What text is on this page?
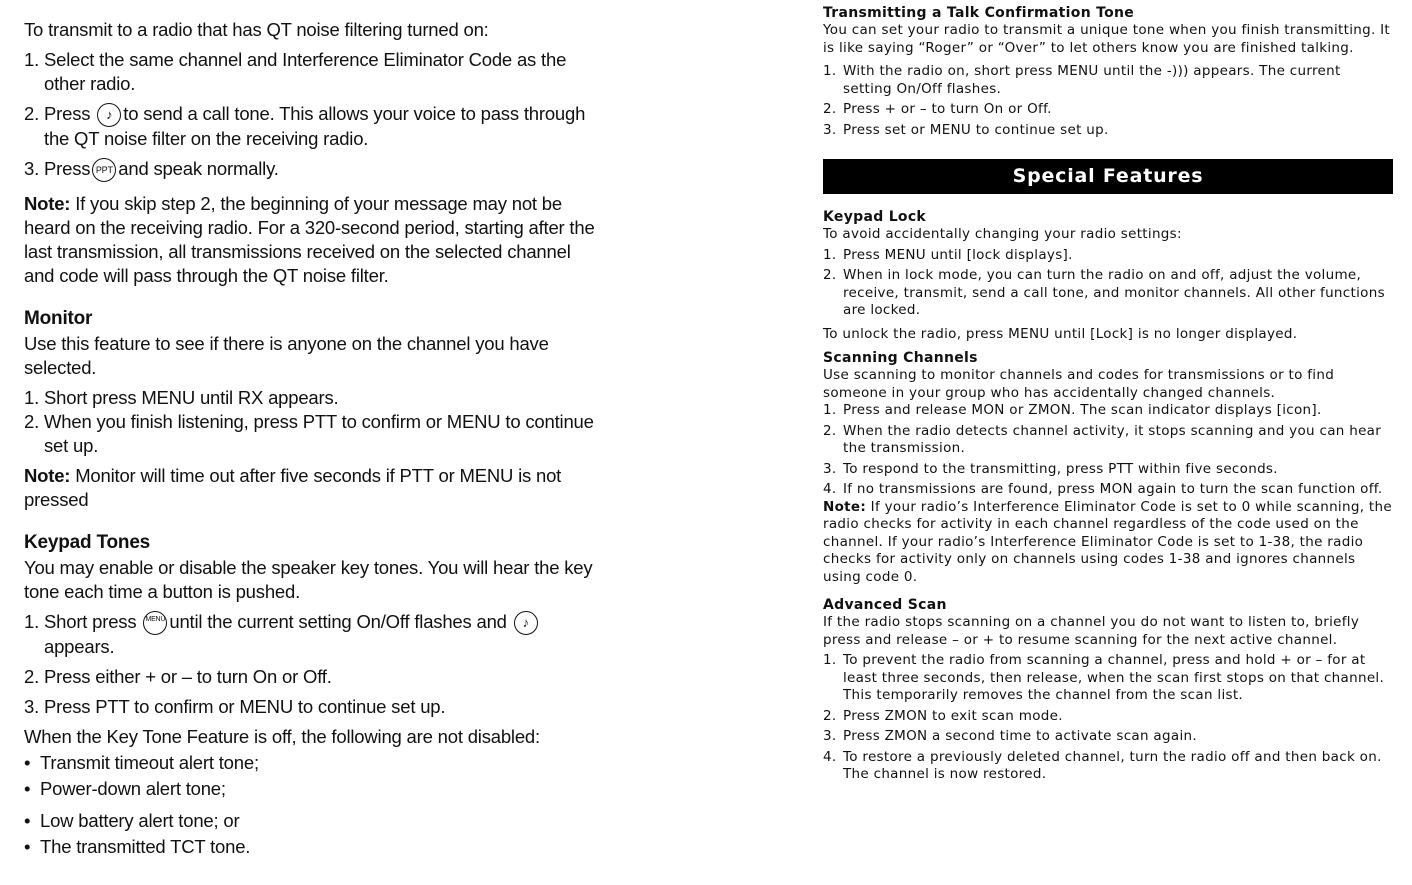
To transmit to a radio that has QT noise filtering turned on:

1. Select the same channel and Interference Eliminator Code as the other radio.
2. Press ♪ to send a call tone. This allows your voice to pass through the QT noise filter on the receiving radio.
3. Press PPT and speak normally.

Note: If you skip step 2, the beginning of your message may not be heard on the receiving radio. For a 320-second period, starting after the last transmission, all transmissions received on the selected channel and code will pass through the QT noise filter.

Monitor

Use this feature to see if there is anyone on the channel you have selected.

1. Short press MENU until RX appears.
2. When you finish listening, press PTT to confirm or MENU to continue set up.

Note: Monitor will time out after five seconds if PTT or MENU is not pressed

Keypad Tones

You may enable or disable the speaker key tones. You will hear the key tone each time a button is pushed.

1. Short press MENU until the current setting On/Off flashes and ♪
appears.
2. Press either + or – to turn On or Off.
3. Press PTT to confirm or MENU to continue set up.

When the Key Tone Feature is off, the following are not disabled:

• Transmit timeout alert tone;
• Power-down alert tone;
• Low battery alert tone; or
• The transmitted TCT tone.
Transmitting a Talk Confirmation Tone

You can set your radio to transmit a unique tone when you finish transmitting. It is like saying “Roger” or “Over” to let others know you are finished talking.

1. With the radio on, short press MENU until the -))) appears. The current setting On/Off flashes.
2. Press + or – to turn On or Off.
3. Press set or MENU to continue set up.
Special Features
Keypad Lock

To avoid accidentally changing your radio settings:

1. Press MENU until [lock displays].
2. When in lock mode, you can turn the radio on and off, adjust the volume, receive, transmit, send a call tone, and monitor channels. All other functions are locked.

To unlock the radio, press MENU until [Lock] is no longer displayed.

Scanning Channels

Use scanning to monitor channels and codes for transmissions or to find someone in your group who has accidentally changed channels.

1. Press and release MON or ZMON. The scan indicator displays [icon].
2. When the radio detects channel activity, it stops scanning and you can hear the transmission.
3. To respond to the transmitting, press PTT within five seconds.
4. If no transmissions are found, press MON again to turn the scan function off.

Note: If your radio’s Interference Eliminator Code is set to 0 while scanning, the radio checks for activity in each channel regardless of the code used on the channel. If your radio’s Interference Eliminator Code is set to 1-38, the radio checks for activity only on channels using codes 1-38 and ignores channels using code 0.

Advanced Scan

If the radio stops scanning on a channel you do not want to listen to, briefly press and release – or + to resume scanning for the next active channel.

1. To prevent the radio from scanning a channel, press and hold + or – for at least three seconds, then release, when the scan first stops on that channel. This temporarily removes the channel from the scan list.
2. Press ZMON to exit scan mode.
3. Press ZMON a second time to activate scan again.
4. To restore a previously deleted channel, turn the radio off and then back on. The channel is now restored.
